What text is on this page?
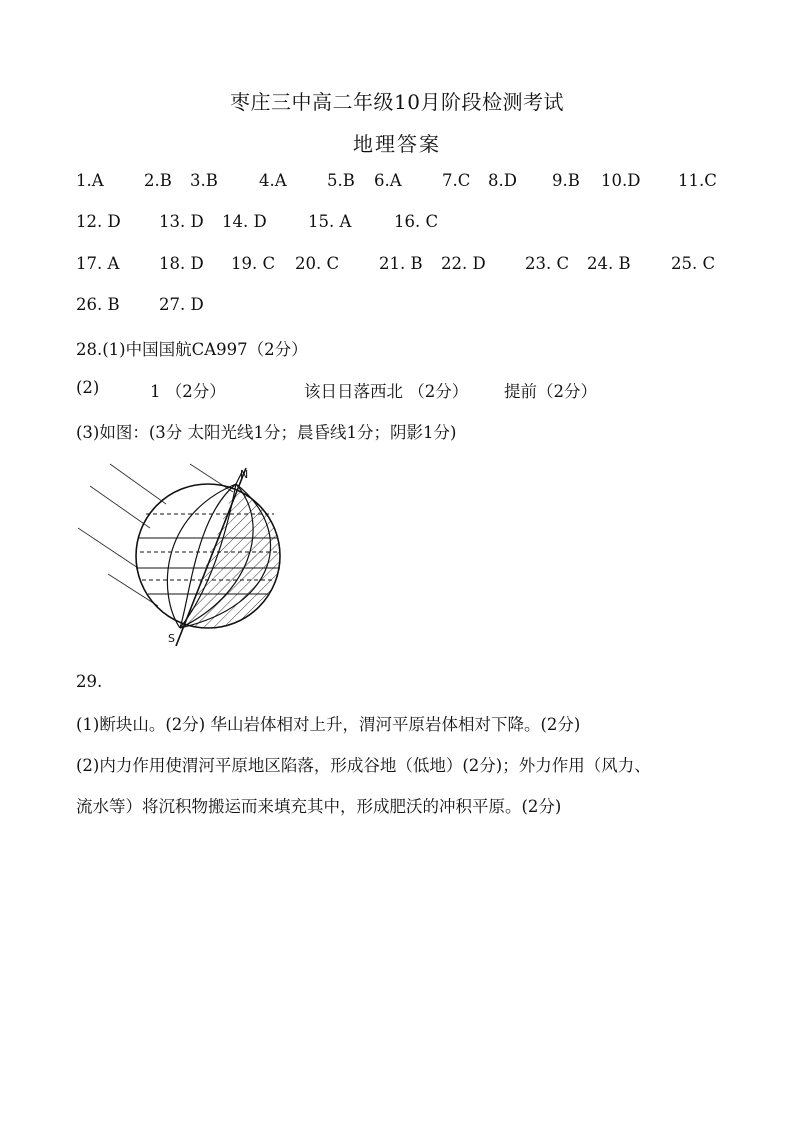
枣庄三中高二年级10月阶段检测考试
地理答案
1.A 2.B 3.B 4.A 5.B 6.A 7.C 8.D 9.B 10.D 11.C
12. D 13. D 14. D	15. A	16. C
17. A 18. D 19. C 20. C 21. B 22. D 23. C 24. B 25. C
26. B 27. D
28.(1)中国国航CA997（2分）
(2)	1 （2分）	该日日落西北 （2分） 提前（2分）
(3)如图：(3分 太阳光线1分；晨昏线1分；阴影1分)
N
S
29.
(1)断块山。(2分) 华山岩体相对上升，渭河平原岩体相对下降。(2分)
(2)内力作用使渭河平原地区陷落，形成谷地（低地）(2分)；外力作用（风力、
流水等）将沉积物搬运而来填充其中，形成肥沃的冲积平原。(2分)
